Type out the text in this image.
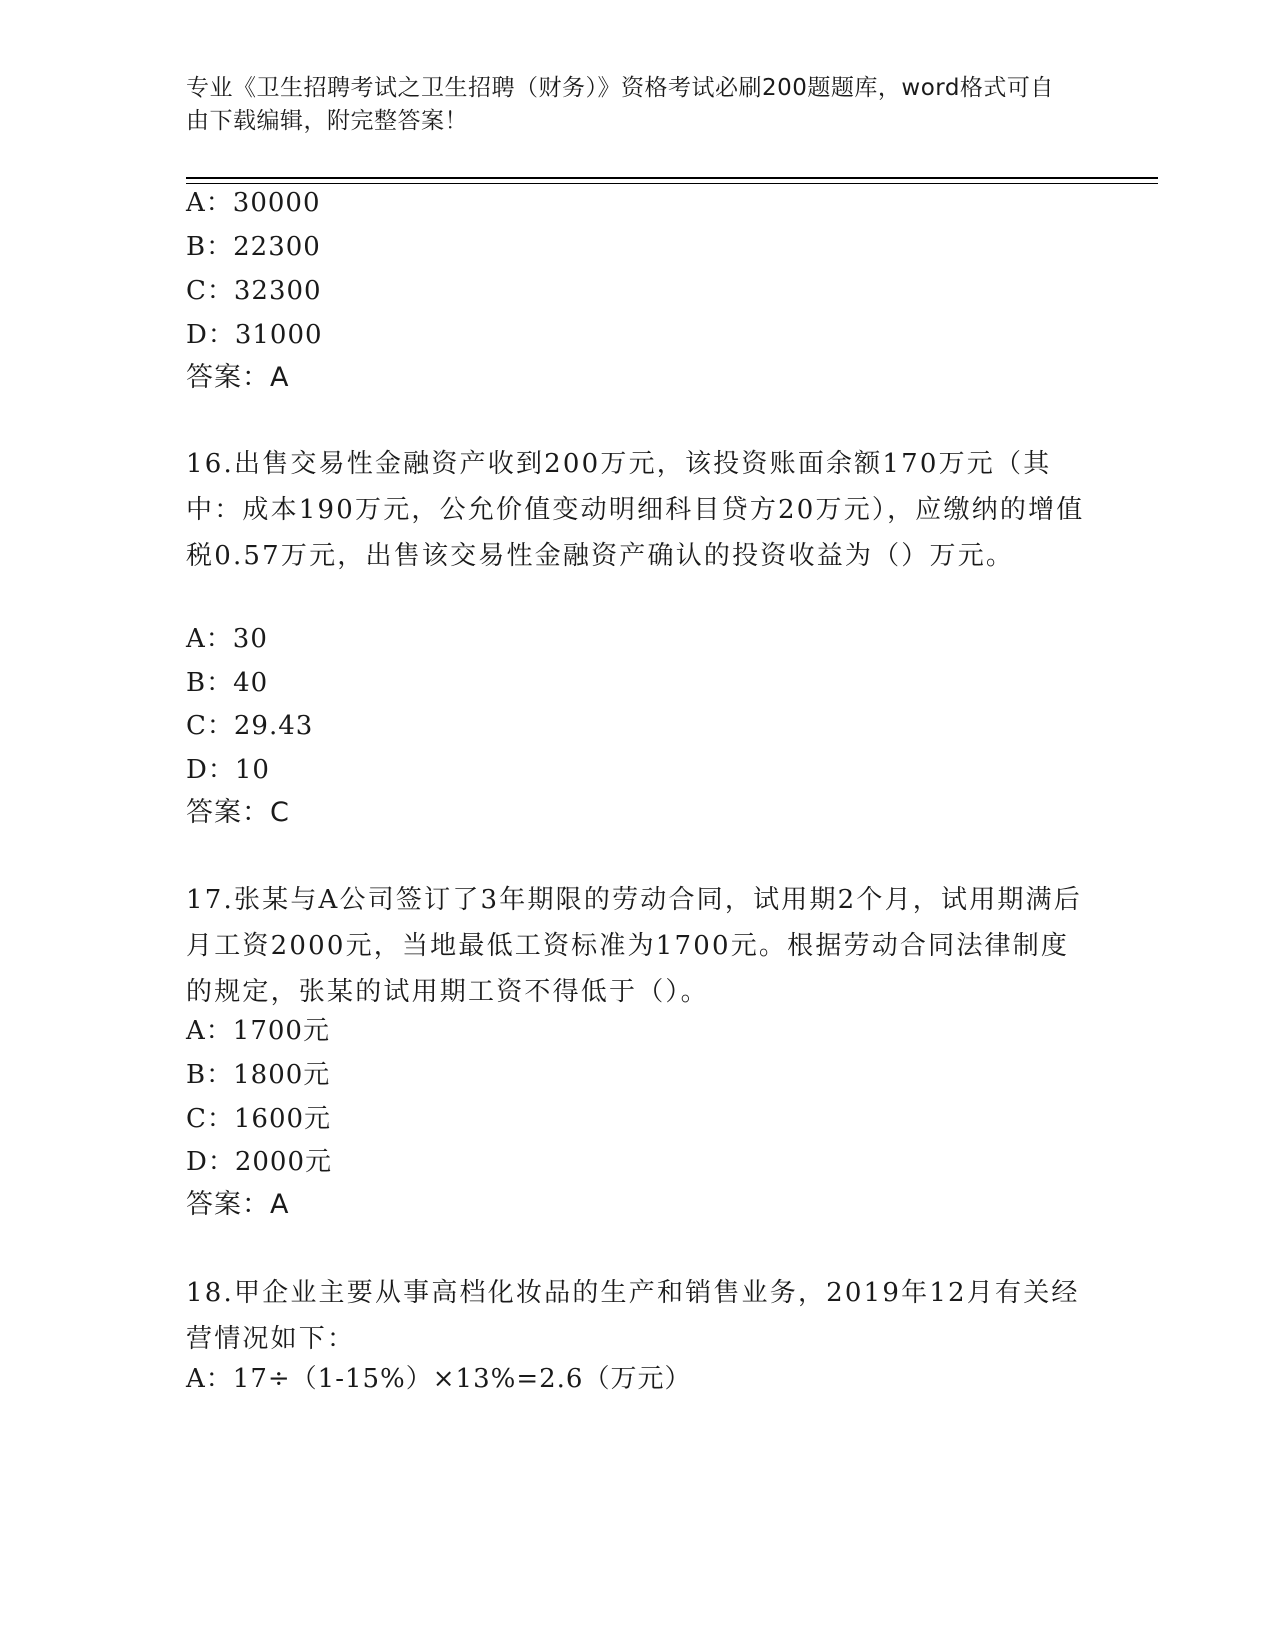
专业《卫生招聘考试之卫生招聘（财务）》资格考试必刷200题题库，word格式可自由下载编辑，附完整答案！
A：30000
B：22300
C：32300
D：31000
答案：A
16.出售交易性金融资产收到200万元，该投资账面余额170万元（其中：成本190万元，公允价值变动明细科目贷方20万元），应缴纳的增值税0.57万元，出售该交易性金融资产确认的投资收益为（）万元。
A：30
B：40
C：29.43
D：10
答案：C
17.张某与A公司签订了3年期限的劳动合同，试用期2个月，试用期满后月工资2000元，当地最低工资标准为1700元。根据劳动合同法律制度的规定，张某的试用期工资不得低于（）。
A：1700元
B：1800元
C：1600元
D：2000元
答案：A
18.甲企业主要从事高档化妆品的生产和销售业务，2019年12月有关经营情况如下：
A：17÷（1-15%）×13%=2.6（万元）
